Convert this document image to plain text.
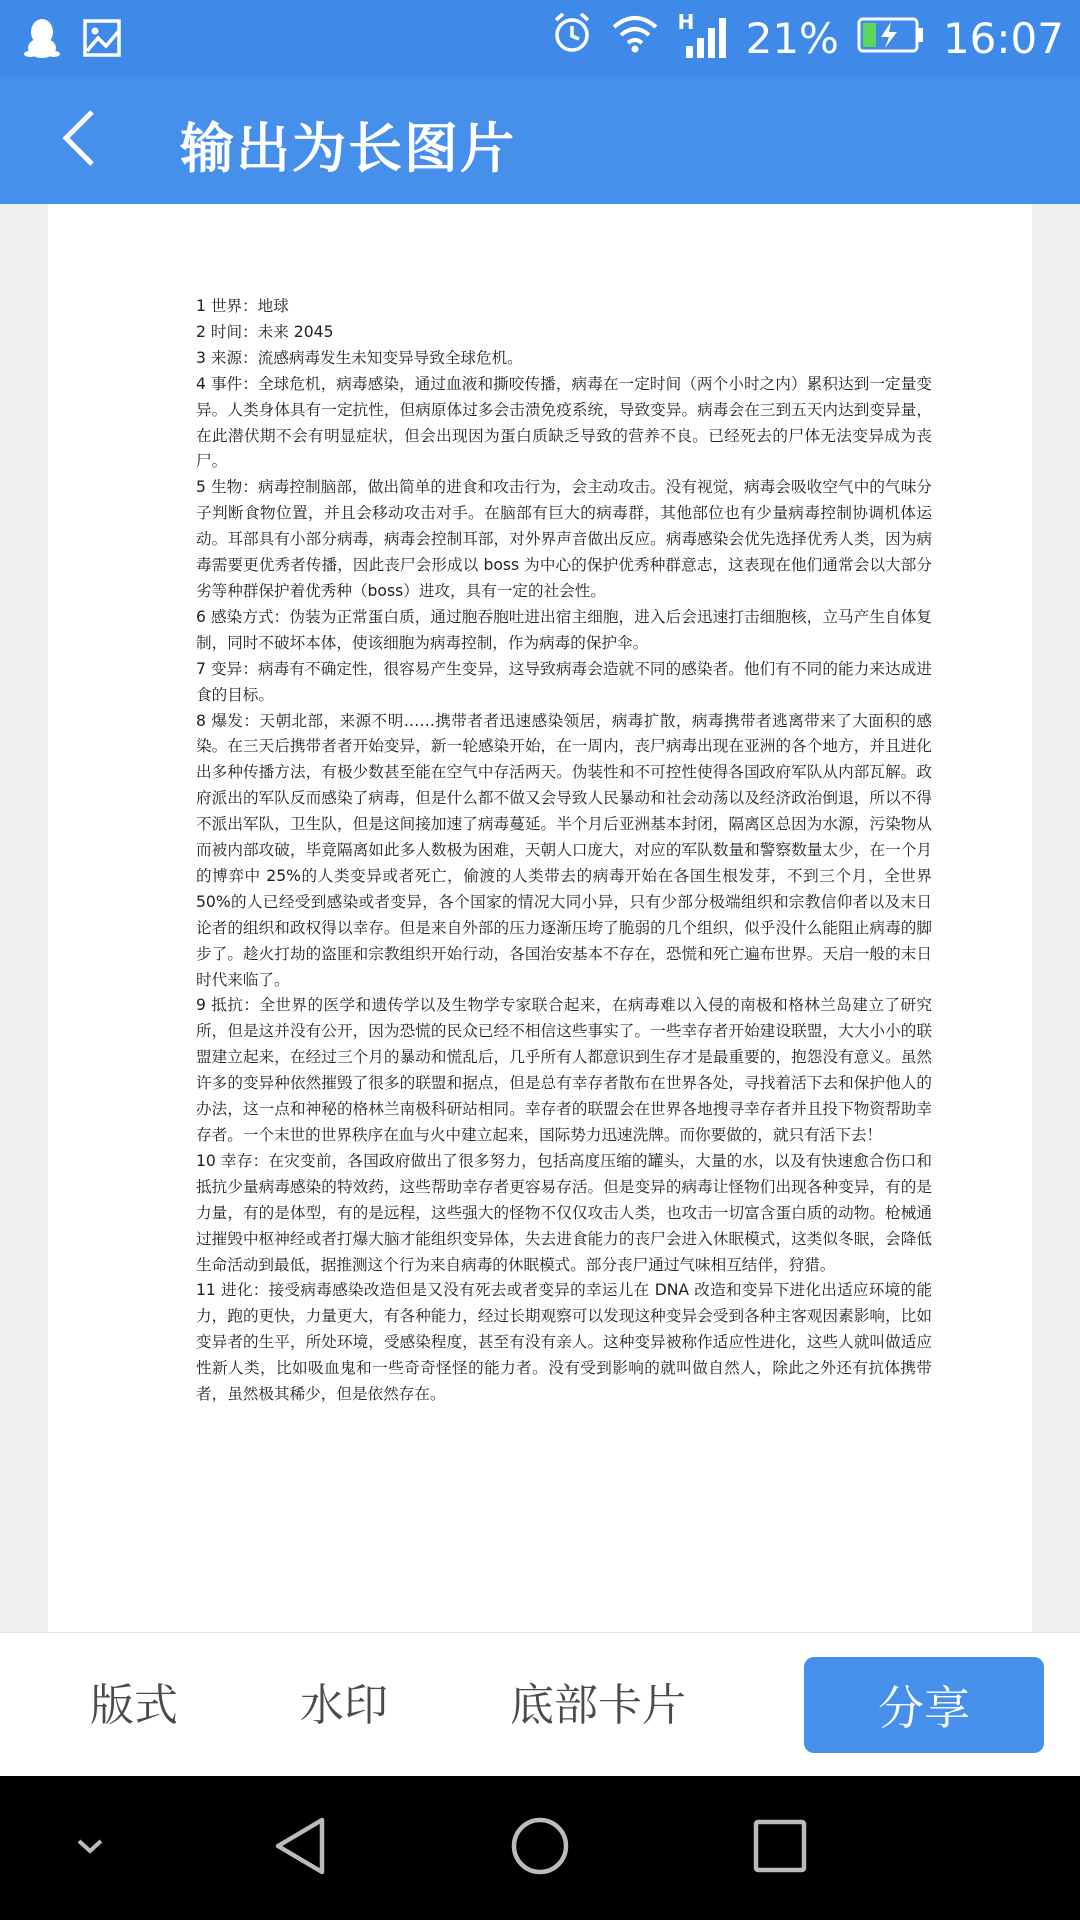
H 21% 16:07
输出为长图片

1 世界：地球

2 时间：未来 2045

3 来源：流感病毒发生未知变异导致全球危机。

4 事件：全球危机，病毒感染，通过血液和撕咬传播，病毒在一定时间（两个小时之内）累积达到一定量变异。人类身体具有一定抗性，但病原体过多会击溃免疫系统，导致变异。病毒会在三到五天内达到变异量，在此潜伏期不会有明显症状，但会出现因为蛋白质缺乏导致的营养不良。已经死去的尸体无法变异成为丧尸。

5 生物：病毒控制脑部，做出简单的进食和攻击行为，会主动攻击。没有视觉，病毒会吸收空气中的气味分子判断食物位置，并且会移动攻击对手。在脑部有巨大的病毒群，其他部位也有少量病毒控制协调机体运动。耳部具有小部分病毒，病毒会控制耳部，对外界声音做出反应。病毒感染会优先选择优秀人类，因为病毒需要更优秀者传播，因此丧尸会形成以 boss 为中心的保护优秀种群意志，这表现在他们通常会以大部分劣等种群保护着优秀种（boss）进攻，具有一定的社会性。

6 感染方式：伪装为正常蛋白质，通过胞吞胞吐进出宿主细胞，进入后会迅速打击细胞核，立马产生自体复制，同时不破坏本体，使该细胞为病毒控制，作为病毒的保护伞。

7 变异：病毒有不确定性，很容易产生变异，这导致病毒会造就不同的感染者。他们有不同的能力来达成进食的目标。

8 爆发：天朝北部，来源不明……携带者者迅速感染领居，病毒扩散，病毒携带者逃离带来了大面积的感染。在三天后携带者者开始变异，新一轮感染开始，在一周内，丧尸病毒出现在亚洲的各个地方，并且进化出多种传播方法，有极少数甚至能在空气中存活两天。伪装性和不可控性使得各国政府军队从内部瓦解。政府派出的军队反而感染了病毒，但是什么都不做又会导致人民暴动和社会动荡以及经济政治倒退，所以不得不派出军队，卫生队，但是这间接加速了病毒蔓延。半个月后亚洲基本封闭，隔离区总因为水源，污染物从而被内部攻破，毕竟隔离如此多人数极为困难，天朝人口庞大，对应的军队数量和警察数量太少，在一个月的博弈中 25%的人类变异或者死亡，偷渡的人类带去的病毒开始在各国生根发芽，不到三个月，全世界 50%的人已经受到感染或者变异，各个国家的情况大同小异，只有少部分极端组织和宗教信仰者以及末日论者的组织和政权得以幸存。但是来自外部的压力逐渐压垮了脆弱的几个组织，似乎没什么能阻止病毒的脚步了。趁火打劫的盗匪和宗教组织开始行动，各国治安基本不存在，恐慌和死亡遍布世界。天启一般的末日时代来临了。

9 抵抗：全世界的医学和遗传学以及生物学专家联合起来，在病毒难以入侵的南极和格林兰岛建立了研究所，但是这并没有公开，因为恐慌的民众已经不相信这些事实了。一些幸存者开始建设联盟，大大小小的联盟建立起来，在经过三个月的暴动和慌乱后，几乎所有人都意识到生存才是最重要的，抱怨没有意义。虽然许多的变异种依然摧毁了很多的联盟和据点，但是总有幸存者散布在世界各处，寻找着活下去和保护他人的办法，这一点和神秘的格林兰南极科研站相同。幸存者的联盟会在世界各地搜寻幸存者并且投下物资帮助幸存者。一个末世的世界秩序在血与火中建立起来，国际势力迅速洗牌。而你要做的，就只有活下去！

10 幸存：在灾变前，各国政府做出了很多努力，包括高度压缩的罐头，大量的水，以及有快速愈合伤口和抵抗少量病毒感染的特效药，这些帮助幸存者更容易存活。但是变异的病毒让怪物们出现各种变异，有的是力量，有的是体型，有的是远程，这些强大的怪物不仅仅攻击人类，也攻击一切富含蛋白质的动物。枪械通过摧毁中枢神经或者打爆大脑才能组织变异体，失去进食能力的丧尸会进入休眠模式，这类似冬眠，会降低生命活动到最低，据推测这个行为来自病毒的休眠模式。部分丧尸通过气味相互结伴，狩猎。

11 进化：接受病毒感染改造但是又没有死去或者变异的幸运儿在 DNA 改造和变异下进化出适应环境的能力，跑的更快，力量更大，有各种能力，经过长期观察可以发现这种变异会受到各种主客观因素影响，比如变异者的生平，所处环境，受感染程度，甚至有没有亲人。这种变异被称作适应性进化，这些人就叫做适应性新人类，比如吸血鬼和一些奇奇怪怪的能力者。没有受到影响的就叫做自然人，除此之外还有抗体携带者，虽然极其稀少，但是依然存在。

版式	水印	底部卡片	分享
